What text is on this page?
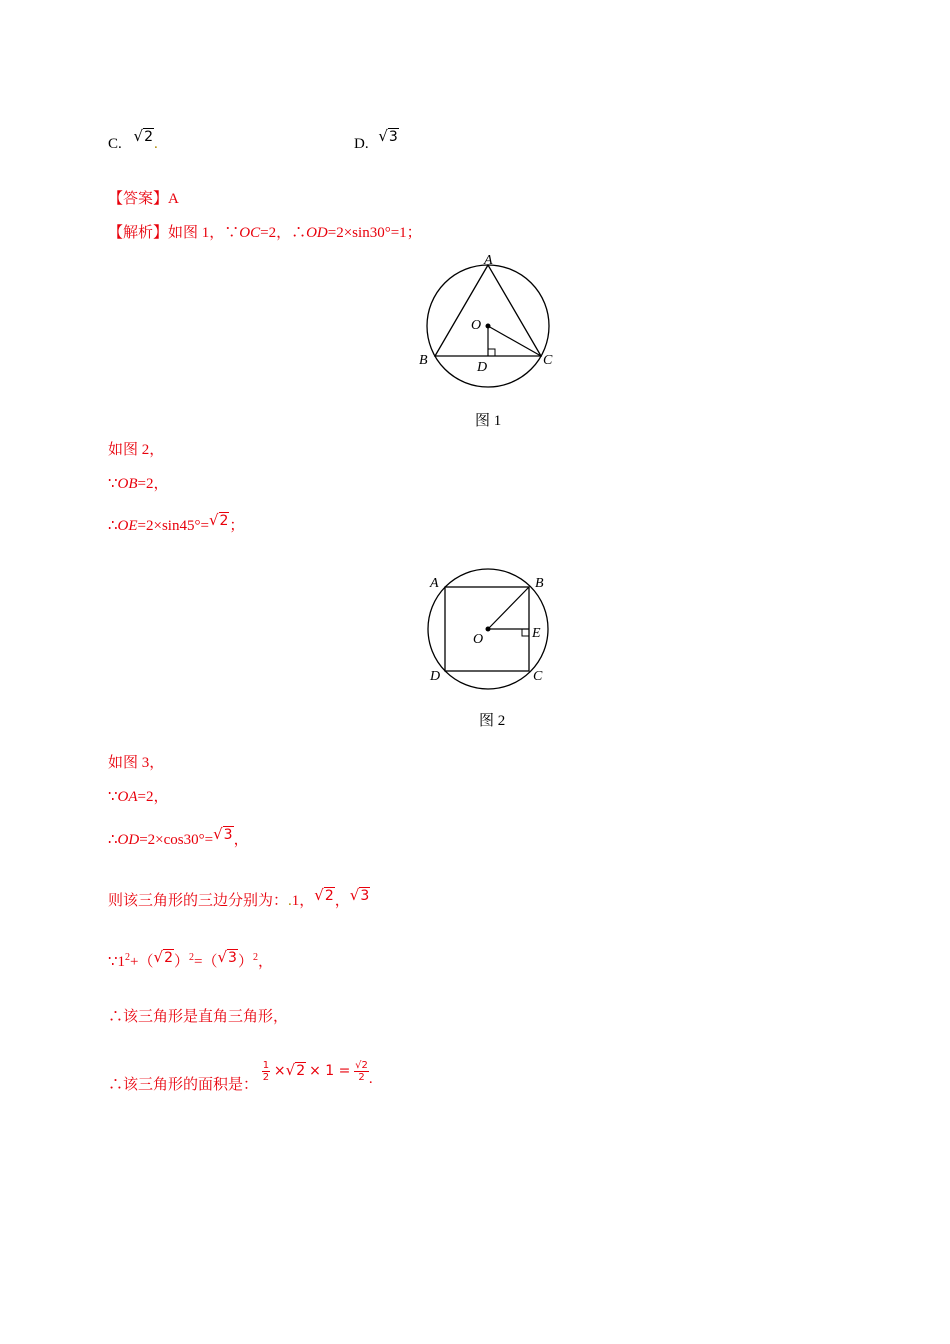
C. √2.	D. √3
【答案】A
【解析】如图 1，∵OC=2，∴OD=2×sin30°=1；
A
O
B	D	C
图 1
如图 2，
∵OB=2，
∴OE=2×sin45°=√2；
A	B
O	E
D	C
图 2
如图 3，
∵OA=2，
∴OD=2×cos30°=√3，
则该三角形的三边分别为：.1，√2，√3
$\because 1^2+(√2)^2=(√3)^2$，
∴该三角形是直角三角形，
∴该三角形的面积是：
$\frac{1}{2} \times√2 \times 1 = \frac{√2}{2}$ .
